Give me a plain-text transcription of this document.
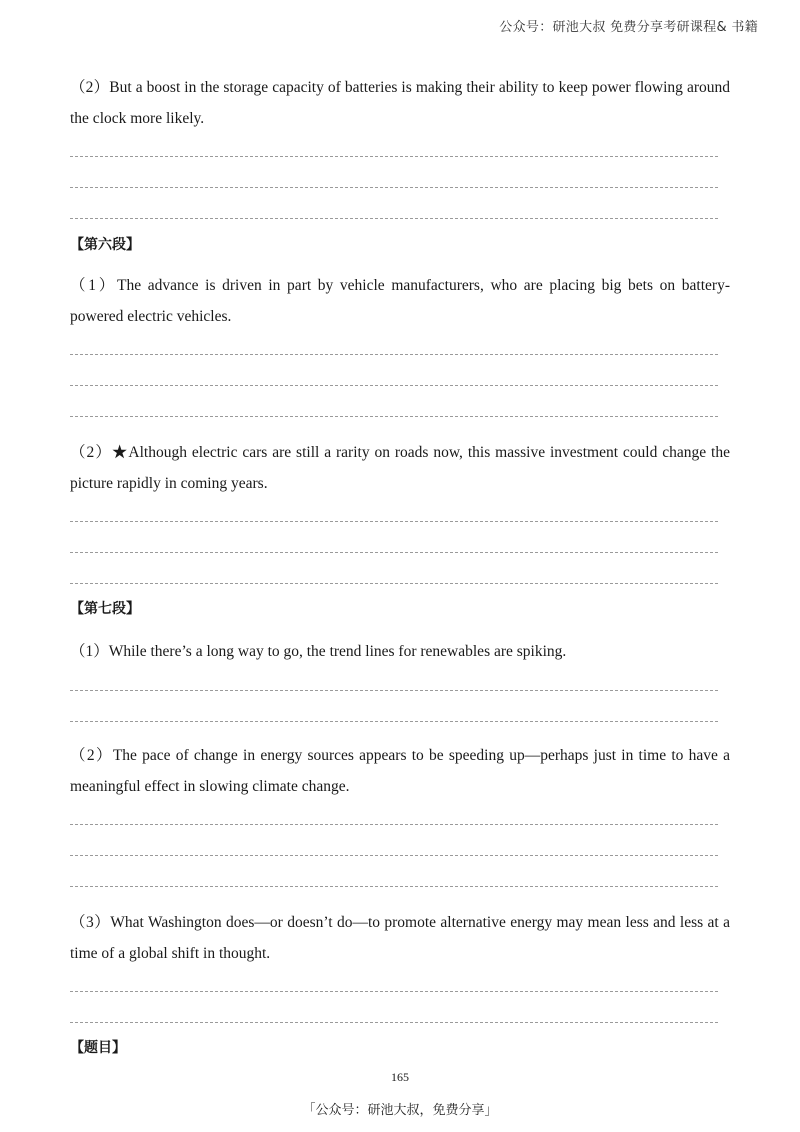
公众号：研池大叔 免费分享考研课程& 书籍
（2）But a boost in the storage capacity of batteries is making their ability to keep power flowing around the clock more likely.
【第六段】
（1）The advance is driven in part by vehicle manufacturers, who are placing big bets on battery-powered electric vehicles.
（2）★Although electric cars are still a rarity on roads now, this massive investment could change the picture rapidly in coming years.
【第七段】
（1）While there’s a long way to go, the trend lines for renewables are spiking.
（2）The pace of change in energy sources appears to be speeding up—perhaps just in time to have a meaningful effect in slowing climate change.
（3）What Washington does—or doesn’t do—to promote alternative energy may mean less and less at a time of a global shift in thought.
【题目】
165
「公众号：研池大叔，免费分享」
